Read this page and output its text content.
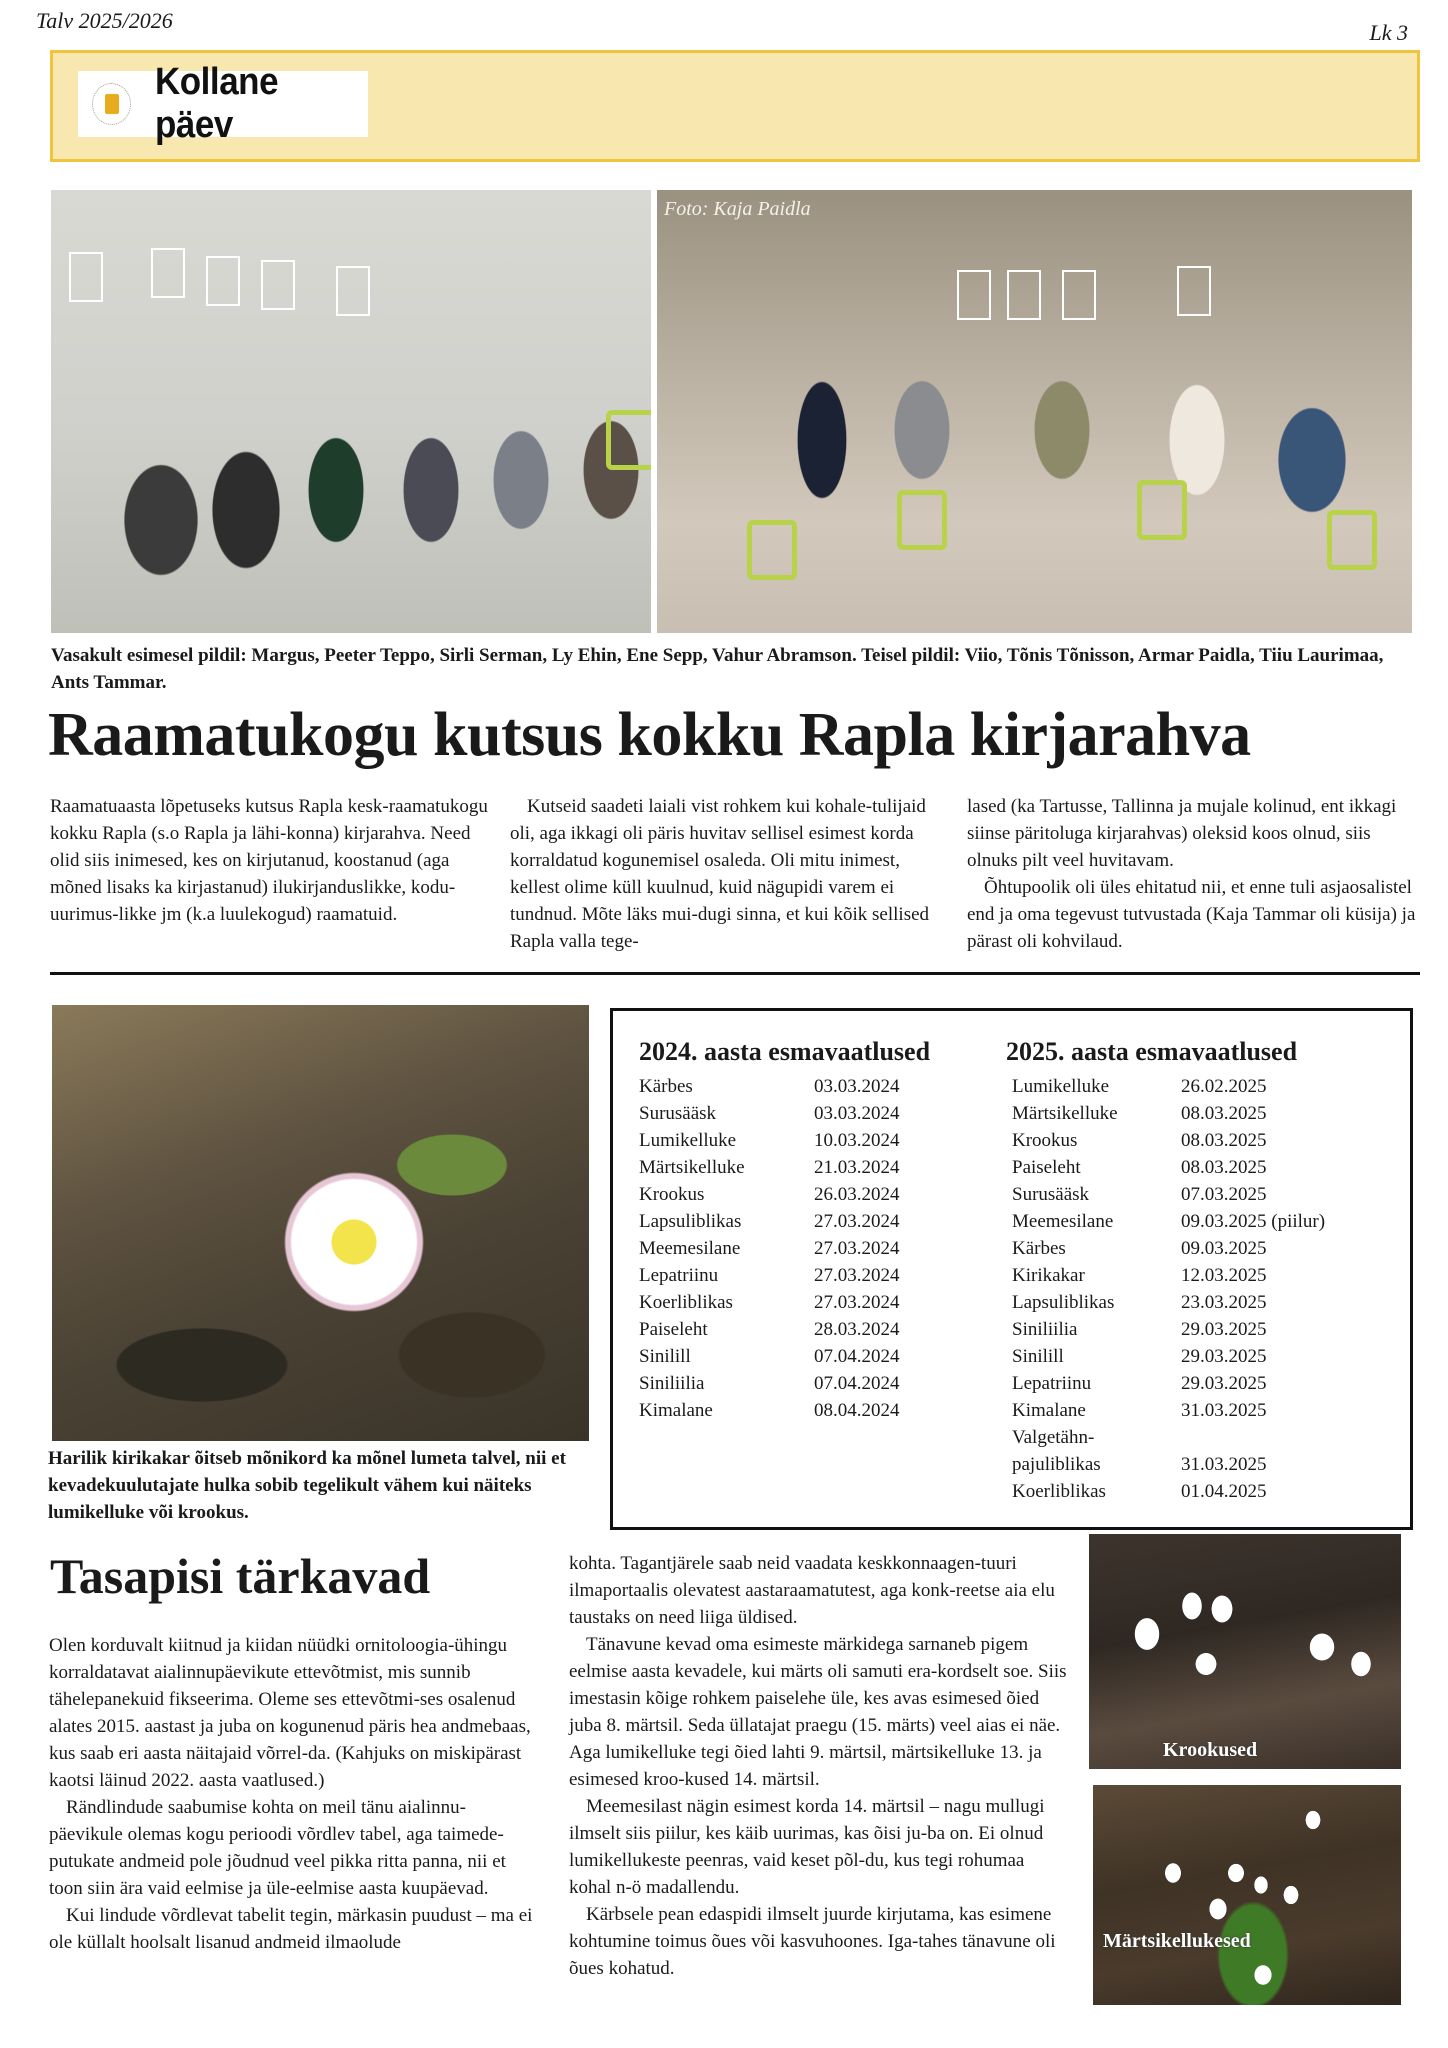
Talv 2025/2026	Lk 3
Kollane päev
Foto: Kaja Paidla
Vasakult esimesel pildil: Margus, Peeter Teppo, Sirli Serman, Ly Ehin, Ene Sepp, Vahur Abramson. Teisel pildil: Viio, Tõnis Tõnisson, Armar Paidla, Tiiu Laurimaa, Ants Tammar.
Raamatukogu kutsus kokku Rapla kirjarahva

Raamatuaasta lõpetuseks kutsus Rapla kesk-raamatukogu kokku Rapla (s.o Rapla ja lähi-konna) kirjarahva. Need olid siis inimesed, kes on kirjutanud, koostanud (aga mõned lisaks ka kirjastanud) ilukirjanduslikke, kodu-uurimus-likke jm (k.a luulekogud) raamatuid.

Kutseid saadeti laiali vist rohkem kui kohale-tulijaid oli, aga ikkagi oli päris huvitav sellisel esimest korda korraldatud kogunemisel osaleda. Oli mitu inimest, kellest olime küll kuulnud, kuid nägupidi varem ei tundnud. Mõte läks mui-dugi sinna, et kui kõik sellised Rapla valla tege-

lased (ka Tartusse, Tallinna ja mujale kolinud, ent ikkagi siinse päritoluga kirjarahvas) oleksid koos olnud, siis olnuks pilt veel huvitavam.

Õhtupoolik oli üles ehitatud nii, et enne tuli asjaosalistel end ja oma tegevust tutvustada (Kaja Tammar oli küsija) ja pärast oli kohvilaud.

Harilik kirikakar õitseb mõnikord ka mõnel lumeta talvel, nii et kevadekuulutajate hulka sobib tegelikult vähem kui näiteks lumikelluke või krookus.
2024. aasta esmavaatlused
Kärbes	03.03.2024
Surusääsk	03.03.2024
Lumikelluke	10.03.2024
Märtsikelluke	21.03.2024
Krookus	26.03.2024
Lapsuliblikas	27.03.2024
Meemesilane	27.03.2024
Lepatriinu	27.03.2024
Koerliblikas	27.03.2024
Paiseleht	28.03.2024
Sinilill	07.04.2024
Siniliilia	07.04.2024
Kimalane	08.04.2024
2025. aasta esmavaatlused
Lumikelluke	26.02.2025
Märtsikelluke	08.03.2025
Krookus	08.03.2025
Paiseleht	08.03.2025
Surusääsk	07.03.2025
Meemesilane	09.03.2025 (piilur)
Kärbes	09.03.2025
Kirikakar	12.03.2025
Lapsuliblikas	23.03.2025
Siniliilia	29.03.2025
Sinilill	29.03.2025
Lepatriinu	29.03.2025
Kimalane	31.03.2025
Valgetähn-
pajuliblikas	31.03.2025
Koerliblikas	01.04.2025
Tasapisi tärkavad

Olen korduvalt kiitnud ja kiidan nüüdki ornitoloogia-ühingu korraldatavat aialinnupäevikute ettevõtmist, mis sunnib tähelepanekuid fikseerima. Oleme ses ettevõtmi-ses osalenud alates 2015. aastast ja juba on kogunenud päris hea andmebaas, kus saab eri aasta näitajaid võrrel-da. (Kahjuks on miskipärast kaotsi läinud 2022. aasta vaatlused.)

Rändlindude saabumise kohta on meil tänu aialinnu-päevikule olemas kogu perioodi võrdlev tabel, aga taimede-putukate andmeid pole jõudnud veel pikka ritta panna, nii et toon siin ära vaid eelmise ja üle-eelmise aasta kuupäevad.

Kui lindude võrdlevat tabelit tegin, märkasin puudust – ma ei ole küllalt hoolsalt lisanud andmeid ilmaolude

kohta. Tagantjärele saab neid vaadata keskkonnaagen-tuuri ilmaportaalis olevatest aastaraamatutest, aga konk-reetse aia elu taustaks on need liiga üldised.

Tänavune kevad oma esimeste märkidega sarnaneb pigem eelmise aasta kevadele, kui märts oli samuti era-kordselt soe. Siis imestasin kõige rohkem paiselehe üle, kes avas esimesed õied juba 8. märtsil. Seda üllatajat praegu (15. märts) veel aias ei näe. Aga lumikelluke tegi õied lahti 9. märtsil, märtsikelluke 13. ja esimesed kroo-kused 14. märtsil.

Meemesilast nägin esimest korda 14. märtsil – nagu mullugi ilmselt siis piilur, kes käib uurimas, kas õisi ju-ba on. Ei olnud lumikellukeste peenras, vaid keset põl-du, kus tegi rohumaa kohal n-ö madallendu.

Kärbsele pean edaspidi ilmselt juurde kirjutama, kas esimene kohtumine toimus õues või kasvuhoones. Iga-tahes tänavune oli õues kohatud.

Krookused
Märtsikellukesed
